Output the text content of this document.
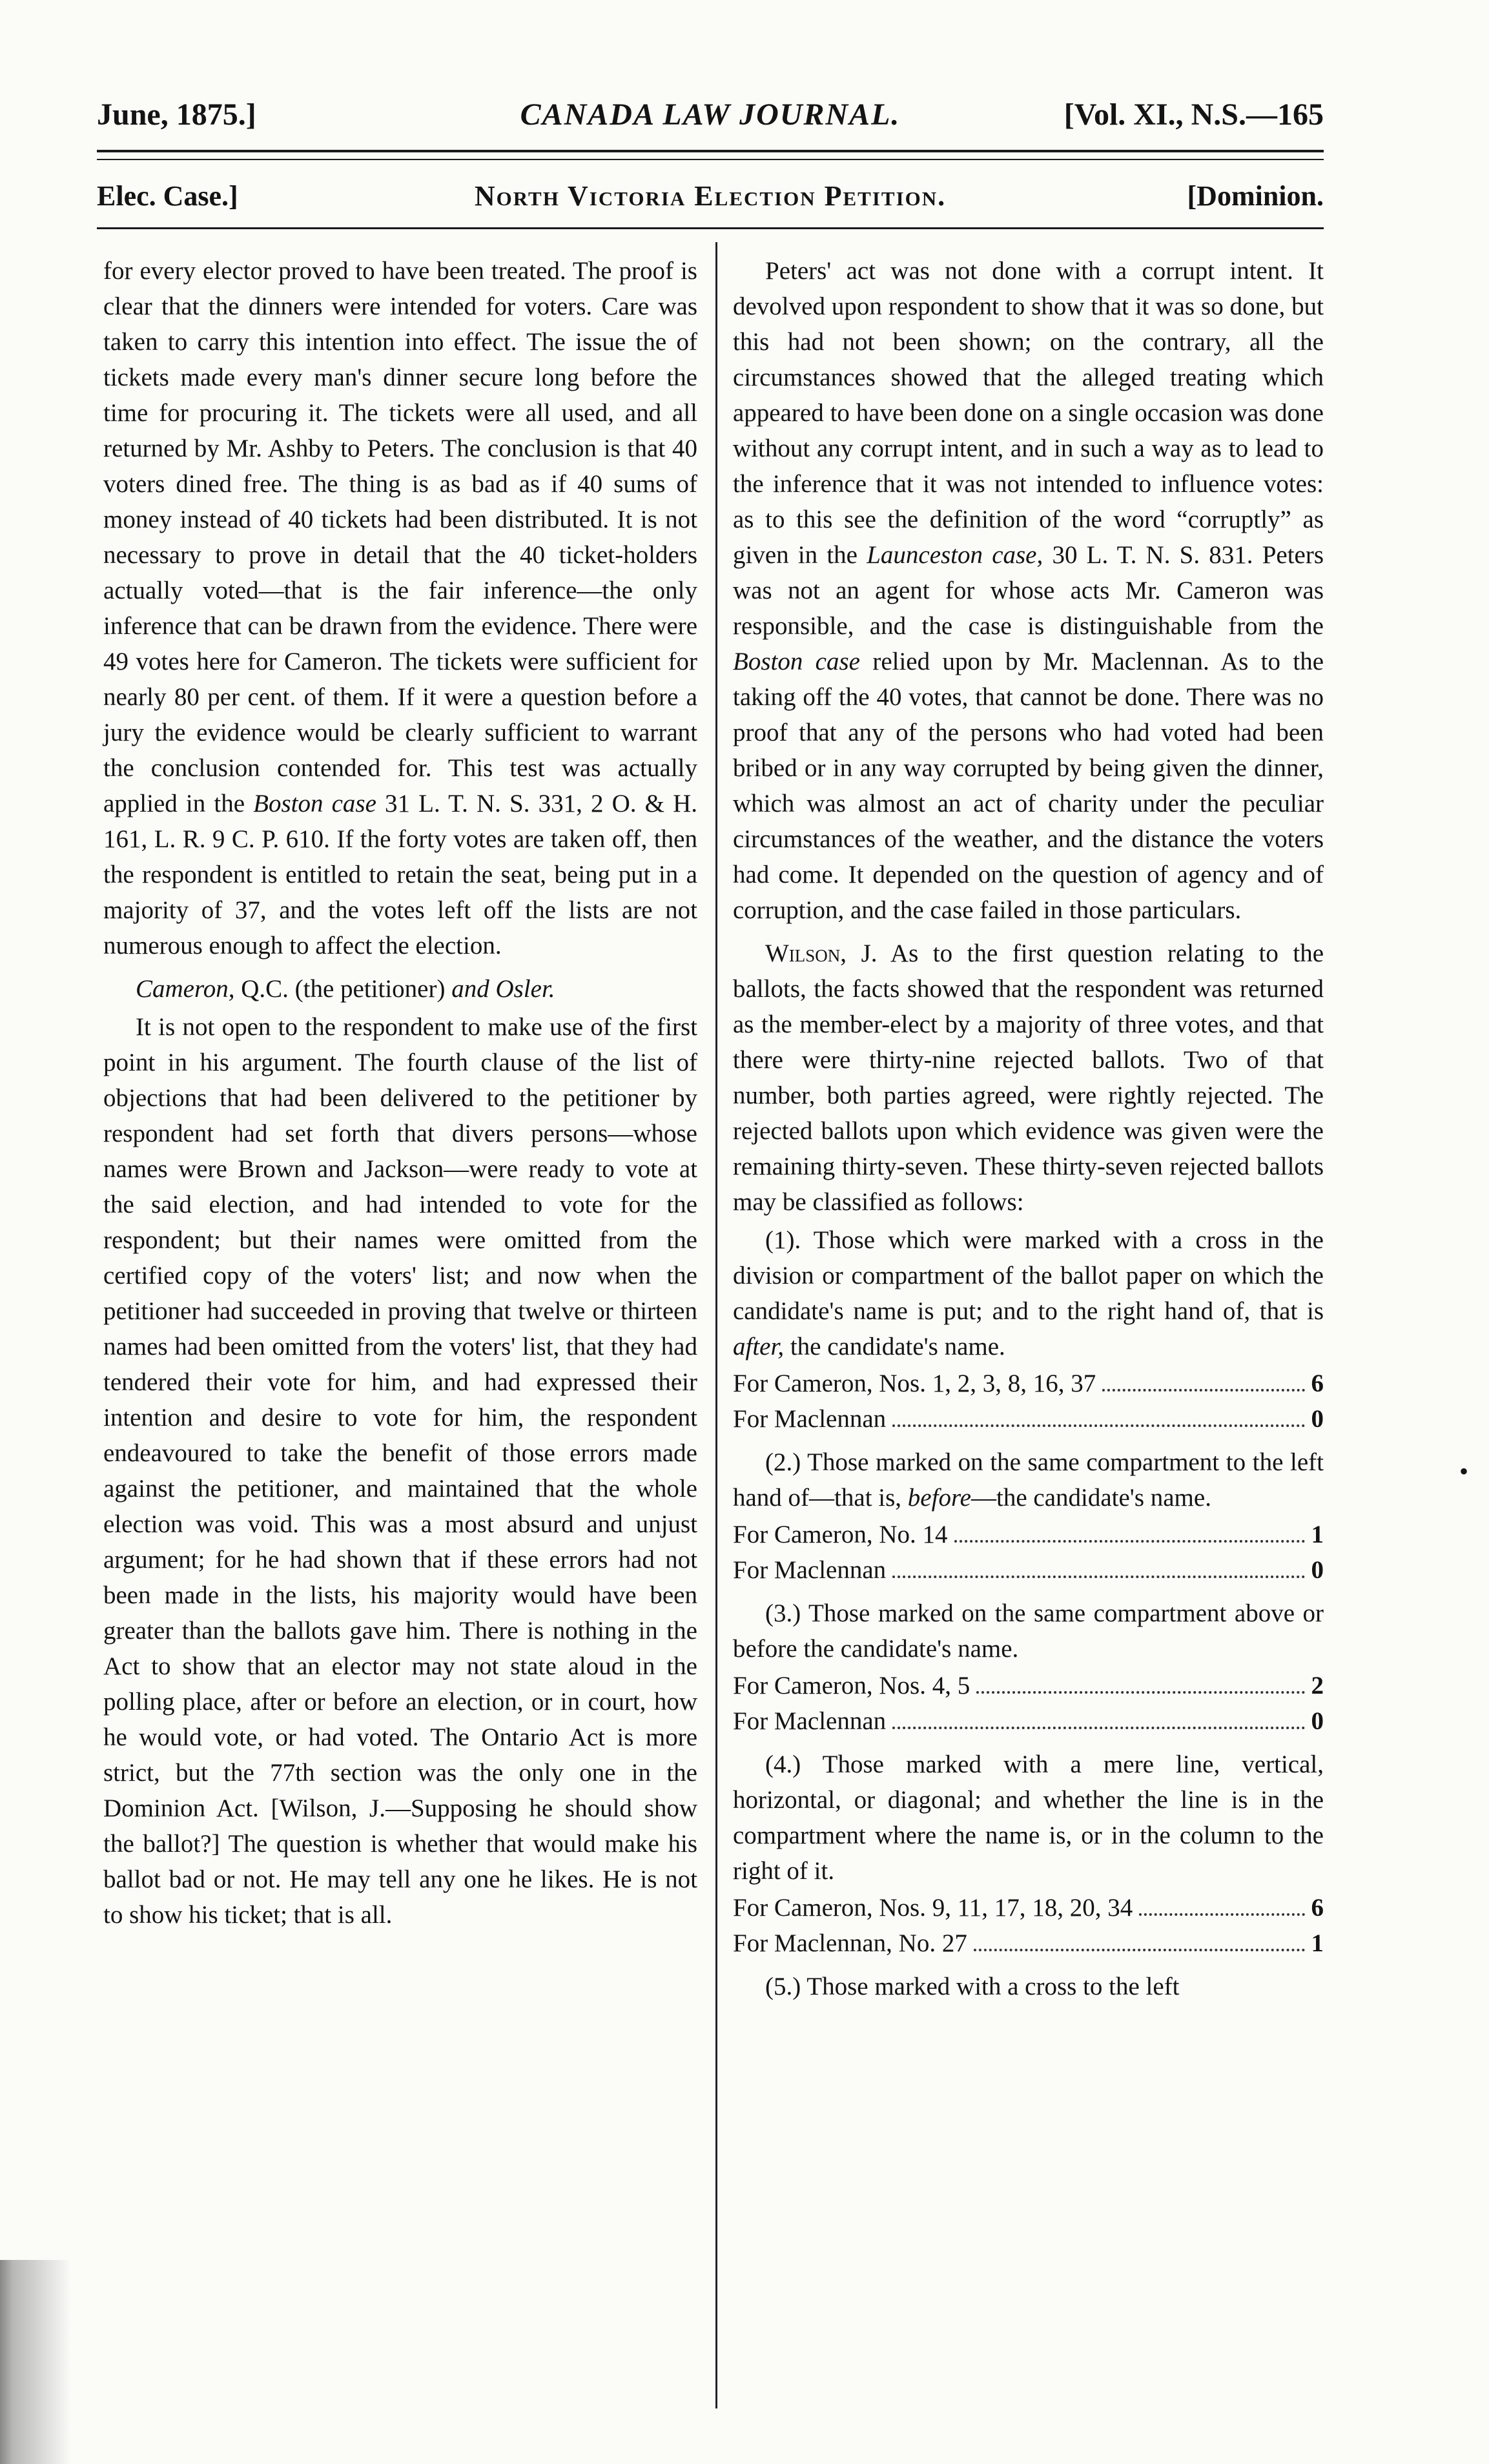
June, 1875.]	CANADA LAW JOURNAL.	[Vol. XI., N.S.—165
Elec. Case.]	North Victoria Election Petition.	[Dominion.

for every elector proved to have been treated. The proof is clear that the dinners were intended for voters. Care was taken to carry this intention into effect. The issue the of tickets made every man's dinner secure long before the time for procuring it. The tickets were all used, and all returned by Mr. Ashby to Peters. The conclusion is that 40 voters dined free. The thing is as bad as if 40 sums of money instead of 40 tickets had been distributed. It is not necessary to prove in detail that the 40 ticket-holders actually voted—that is the fair inference—the only inference that can be drawn from the evidence. There were 49 votes here for Cameron. The tickets were sufficient for nearly 80 per cent. of them. If it were a question before a jury the evidence would be clearly sufficient to warrant the conclusion contended for. This test was actually applied in the Boston case 31 L. T. N. S. 331, 2 O. & H. 161, L. R. 9 C. P. 610. If the forty votes are taken off, then the respondent is entitled to retain the seat, being put in a majority of 37, and the votes left off the lists are not numerous enough to affect the election.

Cameron, Q.C. (the petitioner) and Osler.

It is not open to the respondent to make use of the first point in his argument. The fourth clause of the list of objections that had been delivered to the petitioner by respondent had set forth that divers persons—whose names were Brown and Jackson—were ready to vote at the said election, and had intended to vote for the respondent; but their names were omitted from the certified copy of the voters' list; and now when the petitioner had succeeded in proving that twelve or thirteen names had been omitted from the voters' list, that they had tendered their vote for him, and had expressed their intention and desire to vote for him, the respondent endeavoured to take the benefit of those errors made against the petitioner, and maintained that the whole election was void. This was a most absurd and unjust argument; for he had shown that if these errors had not been made in the lists, his majority would have been greater than the ballots gave him. There is nothing in the Act to show that an elector may not state aloud in the polling place, after or before an election, or in court, how he would vote, or had voted. The Ontario Act is more strict, but the 77th section was the only one in the Dominion Act. [Wilson, J.—Supposing he should show the ballot?] The question is whether that would make his ballot bad or not. He may tell any one he likes. He is not to show his ticket; that is all.

Peters' act was not done with a corrupt intent. It devolved upon respondent to show that it was so done, but this had not been shown; on the contrary, all the circumstances showed that the alleged treating which appeared to have been done on a single occasion was done without any corrupt intent, and in such a way as to lead to the inference that it was not intended to influence votes: as to this see the definition of the word “corruptly” as given in the Launceston case, 30 L. T. N. S. 831. Peters was not an agent for whose acts Mr. Cameron was responsible, and the case is distinguishable from the Boston case relied upon by Mr. Maclennan. As to the taking off the 40 votes, that cannot be done. There was no proof that any of the persons who had voted had been bribed or in any way corrupted by being given the dinner, which was almost an act of charity under the peculiar circumstances of the weather, and the distance the voters had come. It depended on the question of agency and of corruption, and the case failed in those particulars.

Wilson, J. As to the first question relating to the ballots, the facts showed that the respondent was returned as the member-elect by a majority of three votes, and that there were thirty-nine rejected ballots. Two of that number, both parties agreed, were rightly rejected. The rejected ballots upon which evidence was given were the remaining thirty-seven. These thirty-seven rejected ballots may be classified as follows:

(1). Those which were marked with a cross in the division or compartment of the ballot paper on which the candidate's name is put; and to the right hand of, that is after, the candidate's name.

For Cameron, Nos. 1, 2, 3, 8, 16, 37	6
For Maclennan	0

(2.) Those marked on the same compartment to the left hand of—that is, before—the candidate's name.

For Cameron, No. 14	1
For Maclennan	0

(3.) Those marked on the same compartment above or before the candidate's name.

For Cameron, Nos. 4, 5	2
For Maclennan	0

(4.) Those marked with a mere line, vertical, horizontal, or diagonal; and whether the line is in the compartment where the name is, or in the column to the right of it.

For Cameron, Nos. 9, 11, 17, 18, 20, 34	6
For Maclennan, No. 27	1

(5.) Those marked with a cross to the left

•
